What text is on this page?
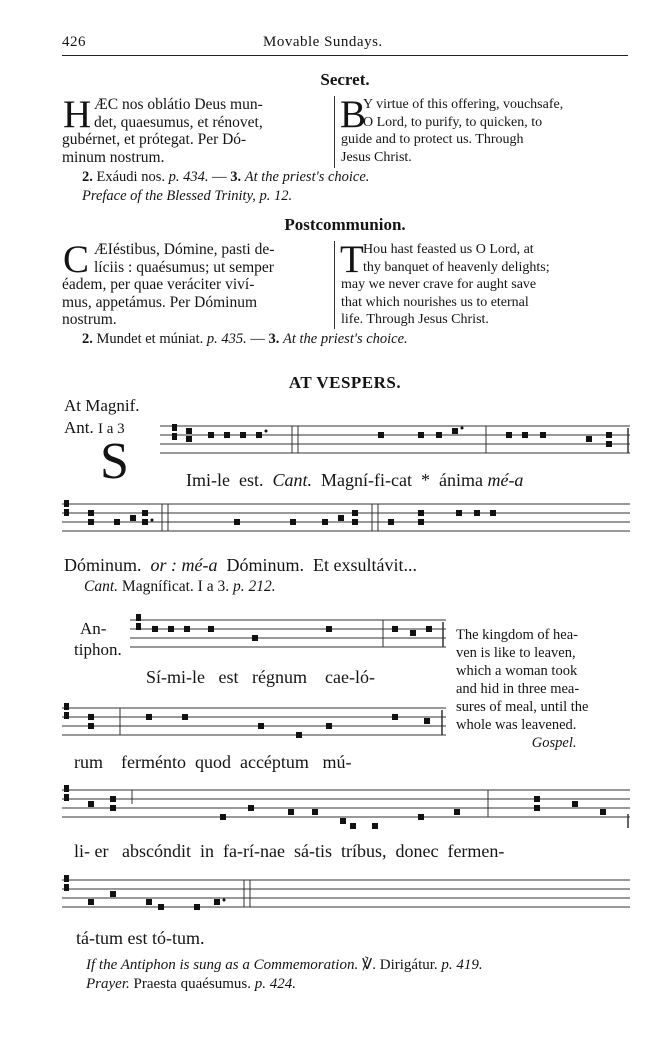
426	Movable Sundays.
Secret.
H ÆC nos oblátio Deus mun-
det, quaesumus, et rénovet,
gubérnet, et prótegat. Per Dó-
minum nostrum.
B
Y virtue of this offering, vouchsafe,
O Lord, to purify, to quicken, to
guide and to protect us. Through
Jesus Christ.
2. Exáudi nos. p. 434. — 3. At the priest's choice.
Preface of the Blessed Trinity, p. 12.
Postcommunion.
C ÆIéstibus, Dómine, pasti de-
líciis : quaésumus; ut semper
éadem, per quae veráciter viví-
mus, appetámus. Per Dóminum
nostrum.
T Hou hast feasted us O Lord, at
thy banquet of heavenly delights;
may we never crave for aught save
that which nourishes us to eternal
life. Through Jesus Christ.
2. Mundet et múniat. p. 435. — 3. At the priest's choice.
AT VESPERS.
At Magnif.
Ant. I a 3
S	Imi-le est. Cant. Magní-fi-cat * ánima mé-a
Dóminum. or : mé-a Dóminum. Et exsultávit...
Cant. Magníficat. I a 3. p. 212.
An-
tiphon.
Sí-mi-le est régnum cae-ló-
The kingdom of hea-
ven is like to leaven,
which a woman took
and hid in three mea-
sures of meal, until the
whole was leavened.
Gospel.
rum ferménto quod accéptum mú-
li- er abscóndit in fa-rí-nae sá-tis tríbus, donec fermen-
tá-tum est tó-tum.
If the Antiphon is sung as a Commemoration. ℣. Dirigátur. p. 419.
Prayer. Praesta quaésumus. p. 424.
